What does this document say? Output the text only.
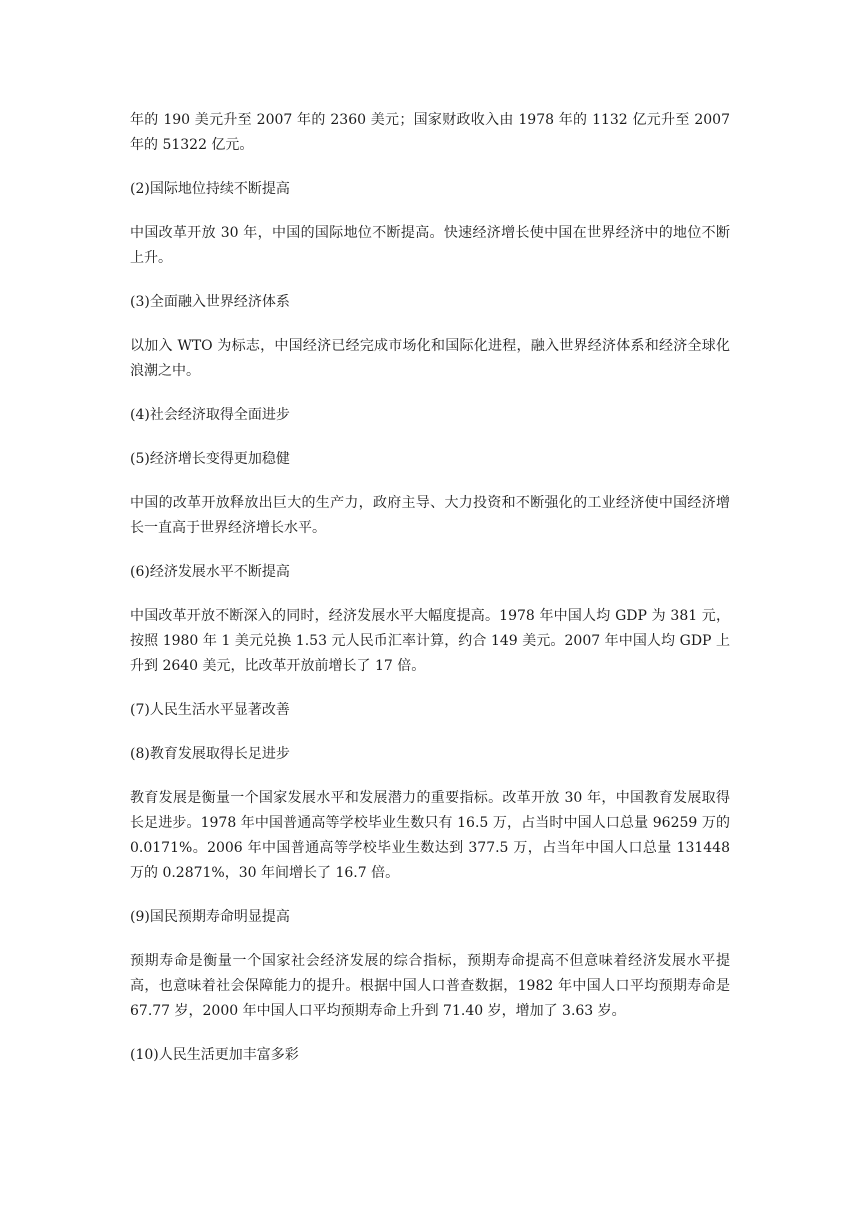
年的 190 美元升至 2007 年的 2360 美元；国家财政收入由 1978 年的 1132 亿元升至 2007 年的 51322 亿元。

(2)国际地位持续不断提高

中国改革开放 30 年，中国的国际地位不断提高。快速经济增长使中国在世界经济中的地位不断上升。

(3)全面融入世界经济体系

以加入 WTO 为标志，中国经济已经完成市场化和国际化进程，融入世界经济体系和经济全球化浪潮之中。

(4)社会经济取得全面进步

(5)经济增长变得更加稳健

中国的改革开放释放出巨大的生产力，政府主导、大力投资和不断强化的工业经济使中国经济增长一直高于世界经济增长水平。

(6)经济发展水平不断提高

中国改革开放不断深入的同时，经济发展水平大幅度提高。1978 年中国人均 GDP 为 381 元，按照 1980 年 1 美元兑换 1.53 元人民币汇率计算，约合 149 美元。2007 年中国人均 GDP 上升到 2640 美元，比改革开放前增长了 17 倍。

(7)人民生活水平显著改善

(8)教育发展取得长足进步

教育发展是衡量一个国家发展水平和发展潜力的重要指标。改革开放 30 年，中国教育发展取得长足进步。1978 年中国普通高等学校毕业生数只有 16.5 万，占当时中国人口总量 96259 万的 0.0171%。2006 年中国普通高等学校毕业生数达到 377.5 万，占当年中国人口总量 131448 万的 0.2871%，30 年间增长了 16.7 倍。

(9)国民预期寿命明显提高

预期寿命是衡量一个国家社会经济发展的综合指标，预期寿命提高不但意味着经济发展水平提高，也意味着社会保障能力的提升。根据中国人口普查数据，1982 年中国人口平均预期寿命是 67.77 岁，2000 年中国人口平均预期寿命上升到 71.40 岁，增加了 3.63 岁。

(10)人民生活更加丰富多彩
